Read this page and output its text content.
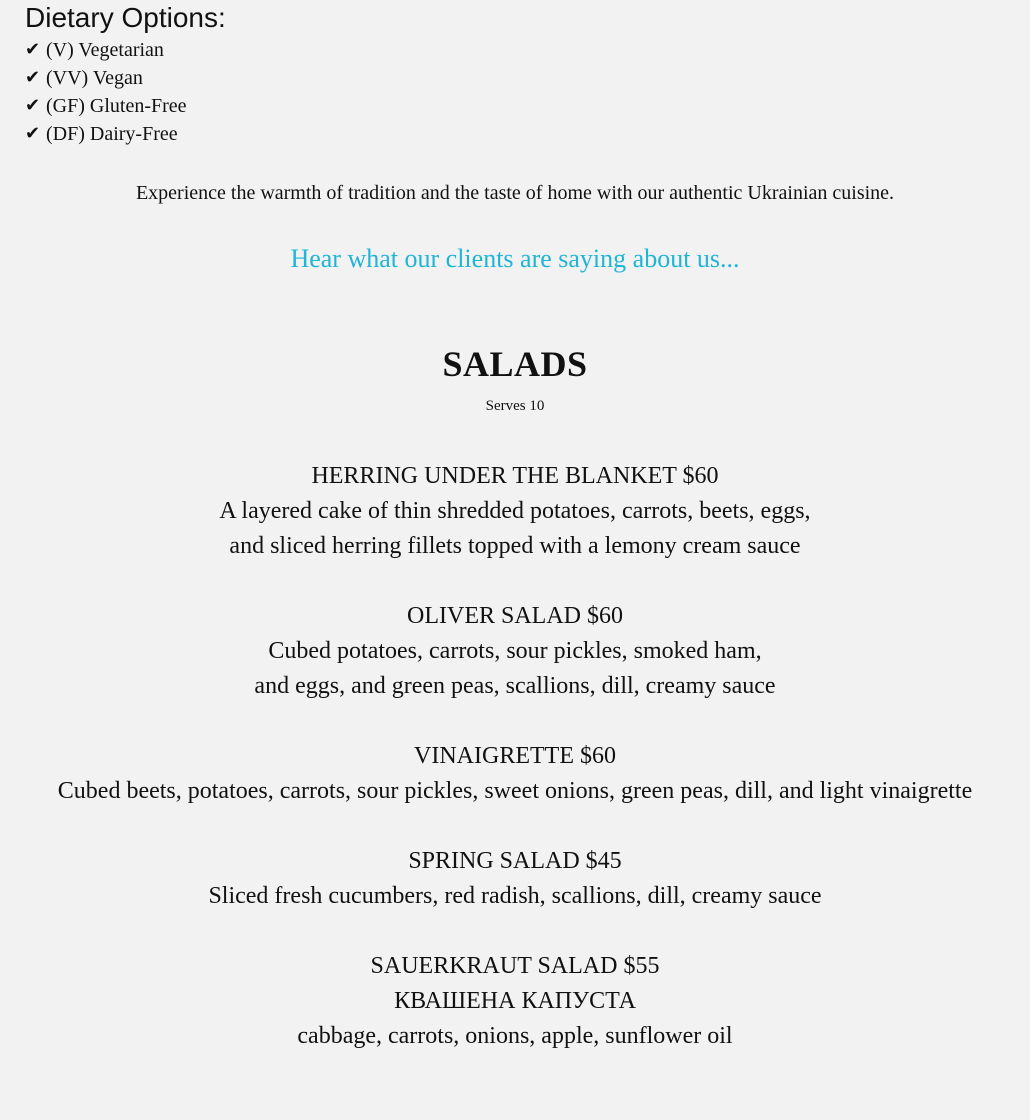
Dietary Options:
✔ (V) Vegetarian
✔ (VV) Vegan
✔ (GF) Gluten-Free
✔ (DF) Dairy-Free
Experience the warmth of tradition and the taste of home with our authentic Ukrainian cuisine.
Hear what our clients are saying about us...
SALADS
Serves 10
HERRING UNDER THE BLANKET $60
A layered cake of thin shredded potatoes, carrots, beets, eggs,
and sliced herring fillets topped with a lemony cream sauce
OLIVER SALAD $60
Cubed potatoes, carrots, sour pickles, smoked ham,
and eggs, and green peas, scallions, dill, creamy sauce
VINAIGRETTE $60
Cubed beets, potatoes, carrots, sour pickles, sweet onions, green peas, dill, and light vinaigrette
SPRING SALAD $45
Sliced fresh cucumbers, red radish, scallions, dill, creamy sauce
SAUERKRAUT SALAD $55
КВАШЕНА КАПУСТА
cabbage, carrots, onions, apple, sunflower oil
